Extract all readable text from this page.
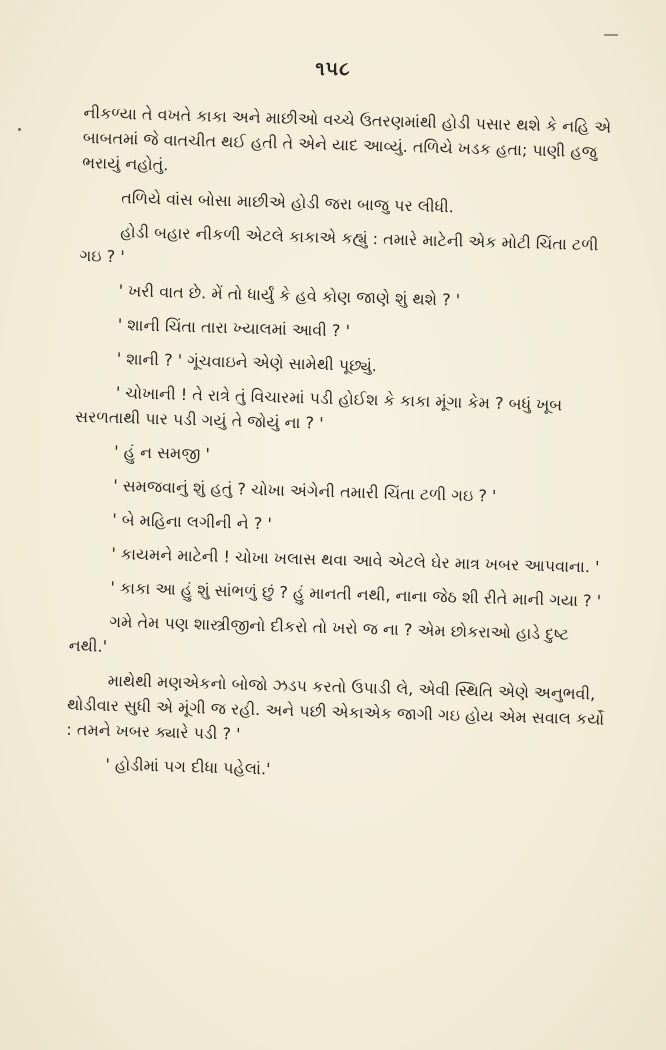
૧૫૮

નીકળ્યા તે વખતે કાકા અને માછીઓ વચ્ચે ઉતરણમાંથી હોડી પસાર થશે કે નહિ એ બાબતમાં જે વાતચીત થઈ હતી તે એને યાદ આવ્યું. તળિયે ખડક હતા; પાણી હજુ ભરાયું નહોતું.

તળિયે વાંસ બોસા માછીએ હોડી જરા બાજુ પર લીધી.

હોડી બહાર નીકળી એટલે કાકાએ કહ્યું : તમારે માટેની એક મોટી ચિંતા ટળી ગઇ ? '

' ખરી વાત છે. મેં તો ધાર્યું કે હવે કોણ જાણે શું થશે ? '

' શાની ચિંતા તારા ખ્યાલમાં આવી ? '

' શાની ? ' ગૂંચવાઇને એણે સામેથી પૂછ્યું.

' ચોખાની ! તે રાત્રે તું વિચારમાં પડી હોઈશ કે કાકા મૂંગા કેમ ? બધું ખૂબ સરળતાથી પાર પડી ગયું તે જોયું ના ? '

' હું ન સમજી '

' સમજવાનું શું હતું ? ચોખા અંગેની તમારી ચિંતા ટળી ગઇ ? '

' બે મહિના લગીની ને ? '

' કાયમને માટેની ! ચોખા ખલાસ થવા આવે એટલે ઘેર માત્ર ખબર આપવાના. '

' કાકા આ હું શું સાંભળું છું ? હું માનતી નથી, નાના જેઠ શી રીતે માની ગયા ? '

ગમે તેમ પણ શાસ્ત્રીજીનો દીકરો તો ખરો જ ના ? એમ છોકરાઓ હાડે દુષ્ટ નથી.'

માથેથી મણએકનો બોજો ઝડપ કરતો ઉપાડી લે, એવી સ્થિતિ એણે અનુભવી, થોડીવાર સુધી એ મૂંગી જ રહી. અને પછી એકાએક જાગી ગઇ હોય એમ સવાલ કર્યો : તમને ખબર ક્યારે પડી ? '

' હોડીમાં પગ દીધા પહેલાં.'
